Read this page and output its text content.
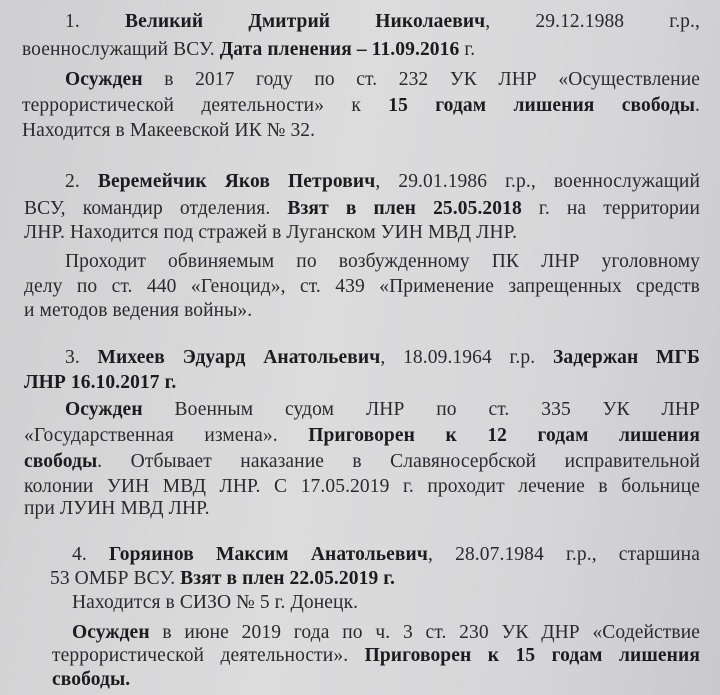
1. Великий Дмитрий Николаевич, 29.12.1988 г.р.,
военнослужащий ВСУ. Дата пленения – 11.09.2016 г.
Осужден в 2017 году по ст. 232 УК ЛНР «Осуществление
террористической деятельности» к 15 годам лишения свободы.
Находится в Макеевской ИК № 32.
2. Веремейчик Яков Петрович, 29.01.1986 г.р., военнослужащий
ВСУ, командир отделения. Взят в плен 25.05.2018 г. на территории
ЛНР. Находится под стражей в Луганском УИН МВД ЛНР.
Проходит обвиняемым по возбужденному ПК ЛНР уголовному
делу по ст. 440 «Геноцид», ст. 439 «Применение запрещенных средств
и методов ведения войны».
3. Михеев Эдуард Анатольевич, 18.09.1964 г.р. Задержан МГБ
ЛНР 16.10.2017 г.
Осужден Военным судом ЛНР по ст. 335 УК ЛНР
«Государственная измена». Приговорен к 12 годам лишения
свободы. Отбывает наказание в Славяносербской исправительной
колонии УИН МВД ЛНР. С 17.05.2019 г. проходит лечение в больнице
при ЛУИН МВД ЛНР.
4. Горяинов Максим Анатольевич, 28.07.1984 г.р., старшина
53 ОМБР ВСУ. Взят в плен 22.05.2019 г.
Находится в СИЗО № 5 г. Донецк.
Осужден в июне 2019 года по ч. 3 ст. 230 УК ДНР «Содействие
террористической деятельности». Приговорен к 15 годам лишения
свободы.
